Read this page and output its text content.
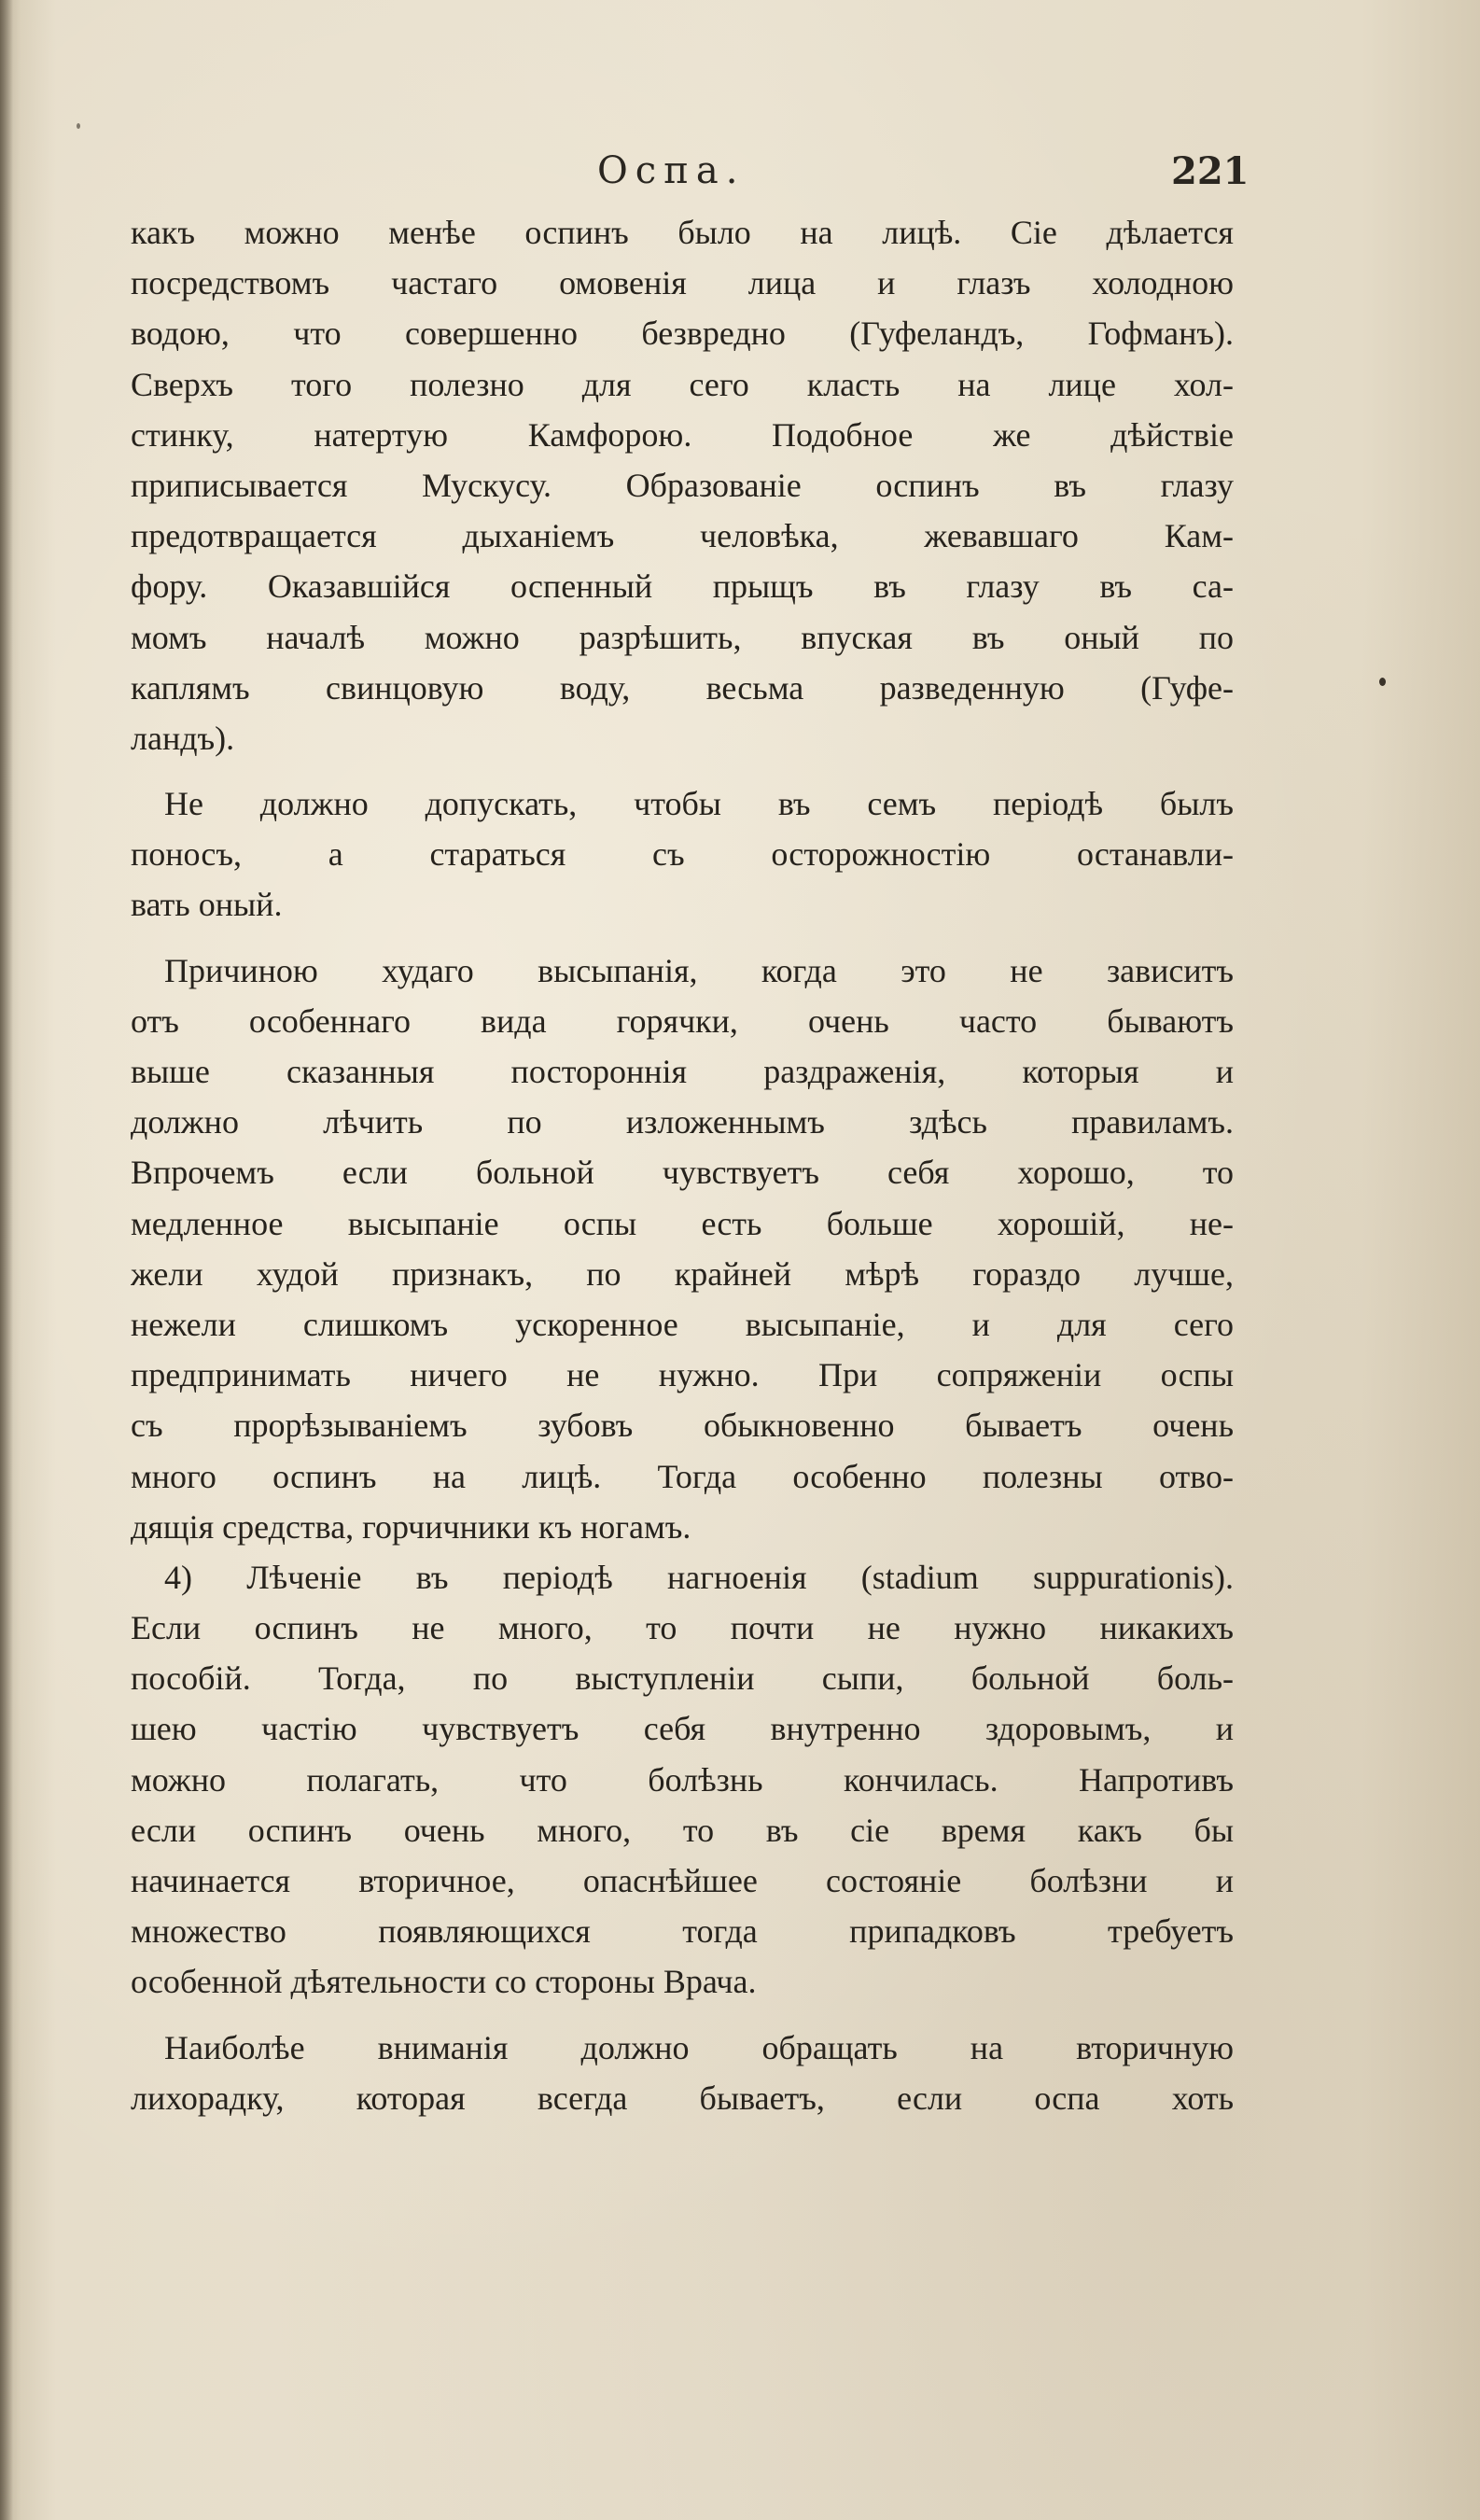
Оспа.	221
какъ можно менѣе оспинъ было на лицѣ. Сіе дѣлается
посредствомъ частаго омовенія лица и глазъ холодною
водою, что совершенно безвредно (Гуфеландъ, Гофманъ).
Сверхъ того полезно для сего класть на лице хол-
стинку, натертую Камфорою. Подобное же дѣйствіе
приписывается Мускусу. Образованіе оспинъ въ глазу
предотвращается дыханіемъ человѣка, жевавшаго Кам-
фору. Оказавшійся оспенный прыщъ въ глазу въ са-
момъ началѣ можно разрѣшить, впуская въ оный по
каплямъ свинцовую воду, весьма разведенную (Гуфе-
ландъ).
Не должно допускать, чтобы въ семъ періодѣ былъ
поносъ, а стараться съ осторожностію останавли-
вать оный.
Причиною худаго высыпанія, когда это не зависитъ
отъ особеннаго вида горячки, очень часто бываютъ
выше сказанныя постороннія раздраженія, которыя и
должно лѣчить по изложеннымъ здѣсь правиламъ.
Впрочемъ если больной чувствуетъ себя хорошо, то
медленное высыпаніе оспы есть больше хорошій, не-
жели худой признакъ, по крайней мѣрѣ гораздо лучше,
нежели слишкомъ ускоренное высыпаніе, и для сего
предпринимать ничего не нужно. При сопряженіи оспы
съ прорѣзываніемъ зубовъ обыкновенно бываетъ очень
много оспинъ на лицѣ. Тогда особенно полезны отво-
дящія средства, горчичники къ ногамъ.
4) Лѣченіе въ періодѣ нагноенія (stadium suppurationis).
Если оспинъ не много, то почти не нужно никакихъ
пособій. Тогда, по выступленіи сыпи, больной боль-
шею частію чувствуетъ себя внутренно здоровымъ, и
можно полагать, что болѣзнь кончилась. Напротивъ
если оспинъ очень много, то въ сіе время какъ бы
начинается вторичное, опаснѣйшее состояніе болѣзни и
множество появляющихся тогда припадковъ требуетъ
особенной дѣятельности со стороны Врача.
Наиболѣе вниманія должно обращать на вторичную
лихорадку, которая всегда бываетъ, если оспа хоть
